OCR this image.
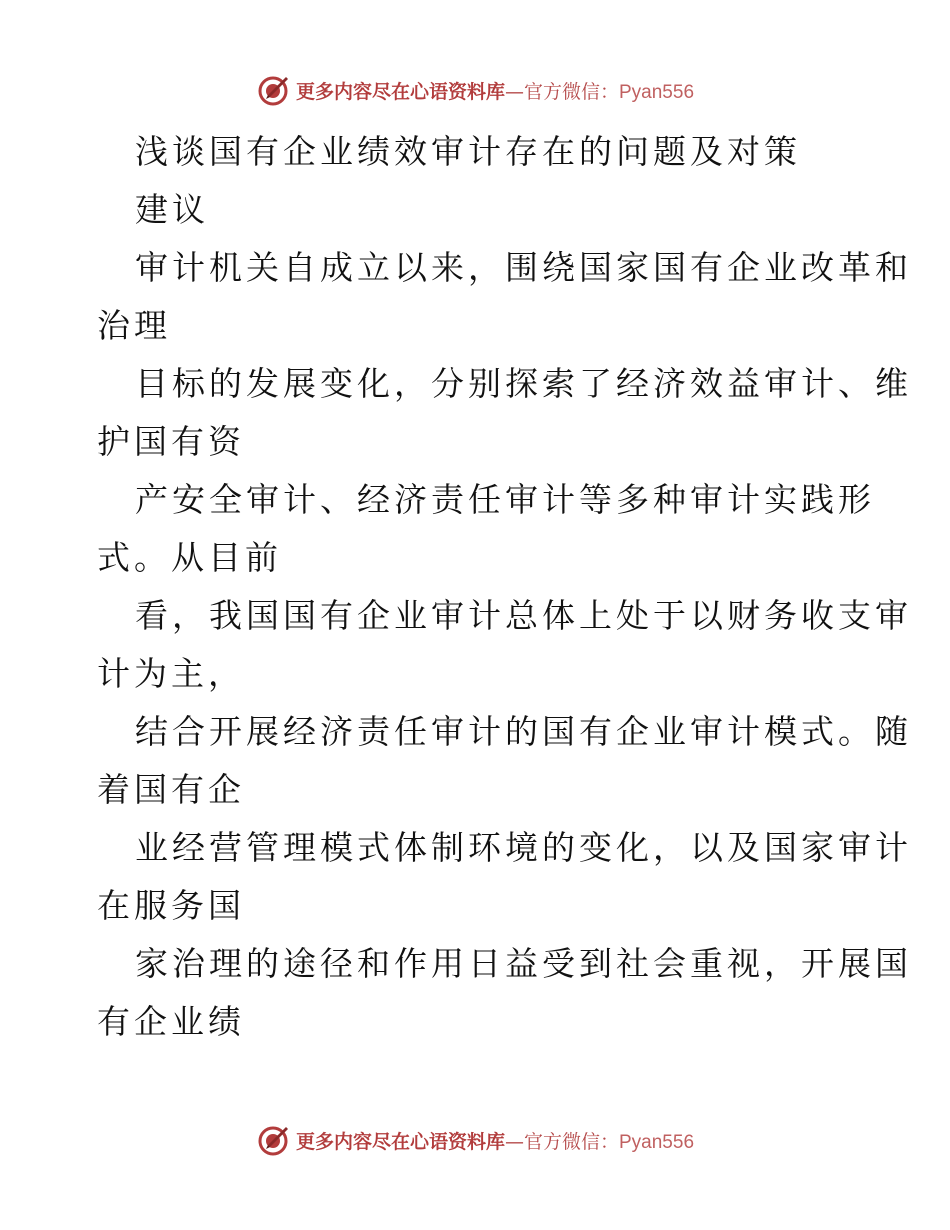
更多内容尽在心语资料库—官方微信：Pyan556
浅谈国有企业绩效审计存在的问题及对策
建议
审计机关自成立以来，围绕国家国有企业改革和
治理
目标的发展变化，分别探索了经济效益审计、维
护国有资
产安全审计、经济责任审计等多种审计实践形
式。从目前
看，我国国有企业审计总体上处于以财务收支审
计为主，
结合开展经济责任审计的国有企业审计模式。随
着国有企
业经营管理模式体制环境的变化，以及国家审计
在服务国
家治理的途径和作用日益受到社会重视，开展国
有企业绩
更多内容尽在心语资料库—官方微信：Pyan556
